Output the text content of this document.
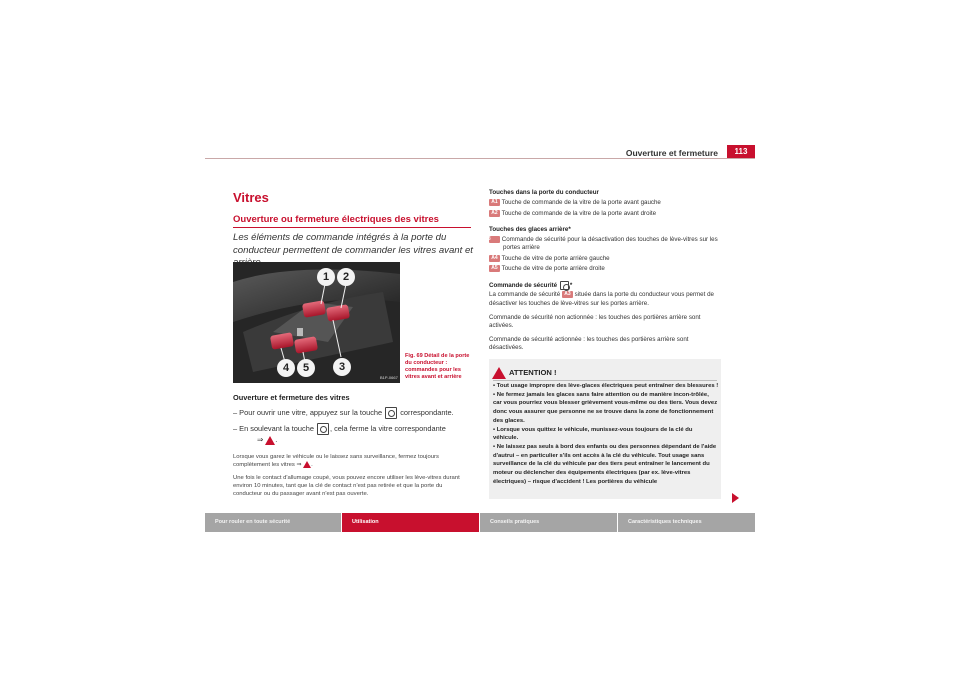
Ouverture et fermeture	113
Vitres
Ouverture ou fermeture électriques des vitres
Les éléments de commande intégrés à la porte du conducteur permettent de commander les vitres avant et
B1P-0667
1	2
3
4	5
Fig. 69 Détail de la porte du conducteur : commandes pour les vitres avant et arrière
Ouverture et fermeture des vitres
– Pour ouvrir une vitre, appuyez sur la touche  correspondante.
– En soulevant la touche , cela ferme la vitre correspondante
⇒ .
Lorsque vous garez le véhicule ou le laissez sans surveillance, fermez toujours complètement les vitres ⇒ .
Une fois le contact d'allumage coupé, vous pouvez encore utiliser les lève-vitres durant environ 10 minutes, tant que la clé de contact n'est pas retirée et que la porte du conducteur ou du passager avant n'est pas ouverte.
Touches dans la porte du conducteur
A1 Touche de commande de la vitre de la porte avant gauche
A2 Touche de commande de la vitre de la porte avant droite
Touches des glaces arrière*
A3 Commande de sécurité pour la désactivation des touches de lève-vitres sur les portes arrière
A4 Touche de vitre de porte arrière gauche
A5 Touche de vitre de porte arrière droite
Commande de sécurité *
La commande de sécurité A3 située dans la porte du conducteur vous permet de désactiver les touches de lève-vitres sur les portes arrière.
Commande de sécurité non actionnée : les touches des portières arrière sont activées.
Commande de sécurité actionnée : les touches des portières arrière sont désactivées.
ATTENTION !
• Tout usage impropre des lève-glaces électriques peut entraîner des blessures !
• Ne fermez jamais les glaces sans faire attention ou de manière incon-trôlée, car vous pourriez vous blesser grièvement vous-même ou des tiers. Vous devez donc vous assurer que personne ne se trouve dans la zone de fonctionnement des glaces.
• Lorsque vous quittez le véhicule, munissez-vous toujours de la clé du véhicule.
• Ne laissez pas seuls à bord des enfants ou des personnes dépendant de l'aide d'autrui – en particulier s'ils ont accès à la clé du véhicule. Tout usage sans surveillance de la clé du véhicule par des tiers peut entraîner le lancement du moteur ou déclencher des équipements électriques (par ex. lève-vitres électriques) – risque d'accident ! Les portières du véhicule
Pour rouler en toute sécurité	Utilisation	Conseils pratiques	Caractéristiques techniques
